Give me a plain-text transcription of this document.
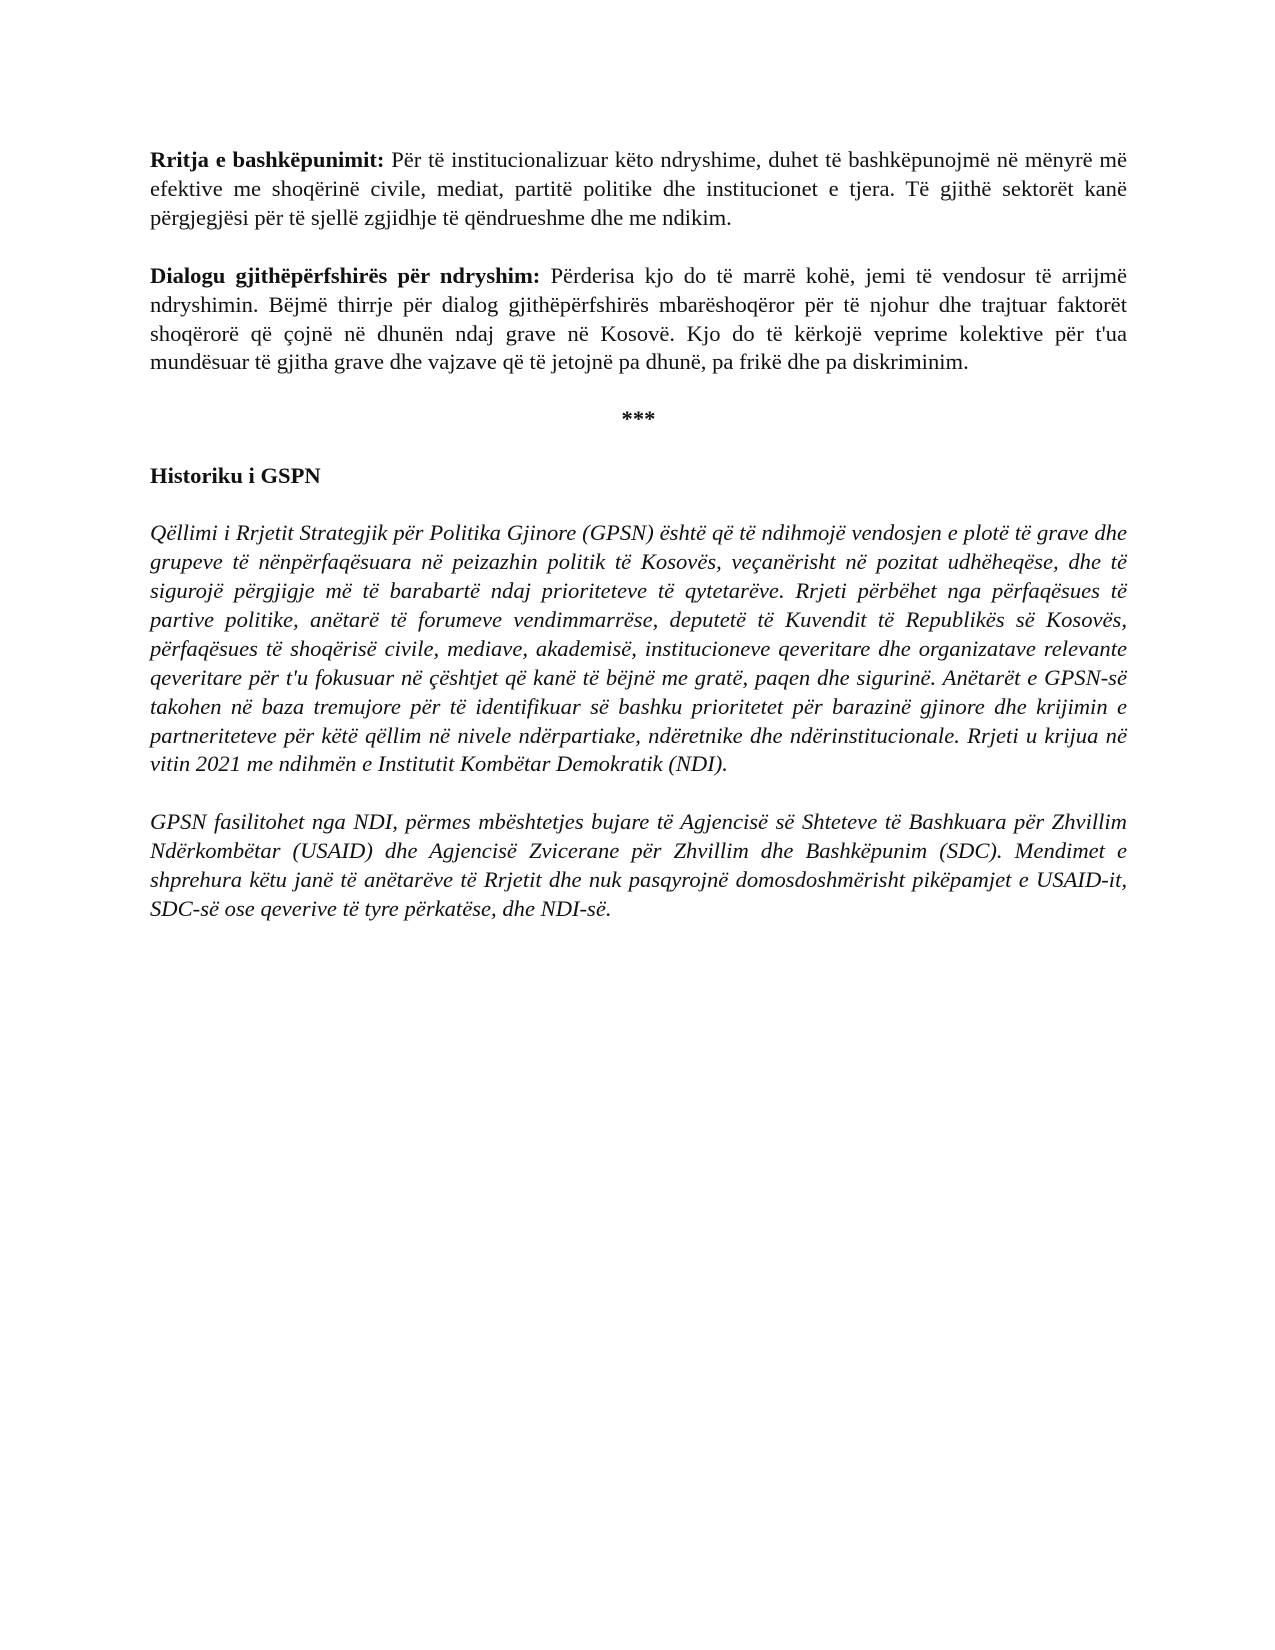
Rritja e bashkëpunimit: Për të institucionalizuar këto ndryshime, duhet të bashkëpunojmë në mënyrë më efektive me shoqërinë civile, mediat, partitë politike dhe institucionet e tjera. Të gjithë sektorët kanë përgjegjësi për të sjellë zgjidhje të qëndrueshme dhe me ndikim.

Dialogu gjithëpërfshirës për ndryshim: Përderisa kjo do të marrë kohë, jemi të vendosur të arrijmë ndryshimin. Bëjmë thirrje për dialog gjithëpërfshirës mbarëshoqëror për të njohur dhe trajtuar faktorët shoqërorë që çojnë në dhunën ndaj grave në Kosovë. Kjo do të kërkojë veprime kolektive për t'ua mundësuar të gjitha grave dhe vajzave që të jetojnë pa dhunë, pa frikë dhe pa diskriminim.

***
Historiku i GSPN

Qëllimi i Rrjetit Strategjik për Politika Gjinore (GPSN) është që të ndihmojë vendosjen e plotë të grave dhe grupeve të nënpërfaqësuara në peizazhin politik të Kosovës, veçanërisht në pozitat udhëheqëse, dhe të sigurojë përgjigje më të barabartë ndaj prioriteteve të qytetarëve. Rrjeti përbëhet nga përfaqësues të partive politike, anëtarë të forumeve vendimmarrëse, deputetë të Kuvendit të Republikës së Kosovës, përfaqësues të shoqërisë civile, mediave, akademisë, institucioneve qeveritare dhe organizatave relevante qeveritare për t'u fokusuar në çështjet që kanë të bëjnë me gratë, paqen dhe sigurinë. Anëtarët e GPSN-së takohen në baza tremujore për të identifikuar së bashku prioritetet për barazinë gjinore dhe krijimin e partneriteteve për këtë qëllim në nivele ndërpartiake, ndëretnike dhe ndërinstitucionale. Rrjeti u krijua në vitin 2021 me ndihmën e Institutit Kombëtar Demokratik (NDI).

GPSN fasilitohet nga NDI, përmes mbështetjes bujare të Agjencisë së Shteteve të Bashkuara për Zhvillim Ndërkombëtar (USAID) dhe Agjencisë Zvicerane për Zhvillim dhe Bashkëpunim (SDC). Mendimet e shprehura këtu janë të anëtarëve të Rrjetit dhe nuk pasqyrojnë domosdoshmërisht pikëpamjet e USAID-it, SDC-së ose qeverive të tyre përkatëse, dhe NDI-së.
